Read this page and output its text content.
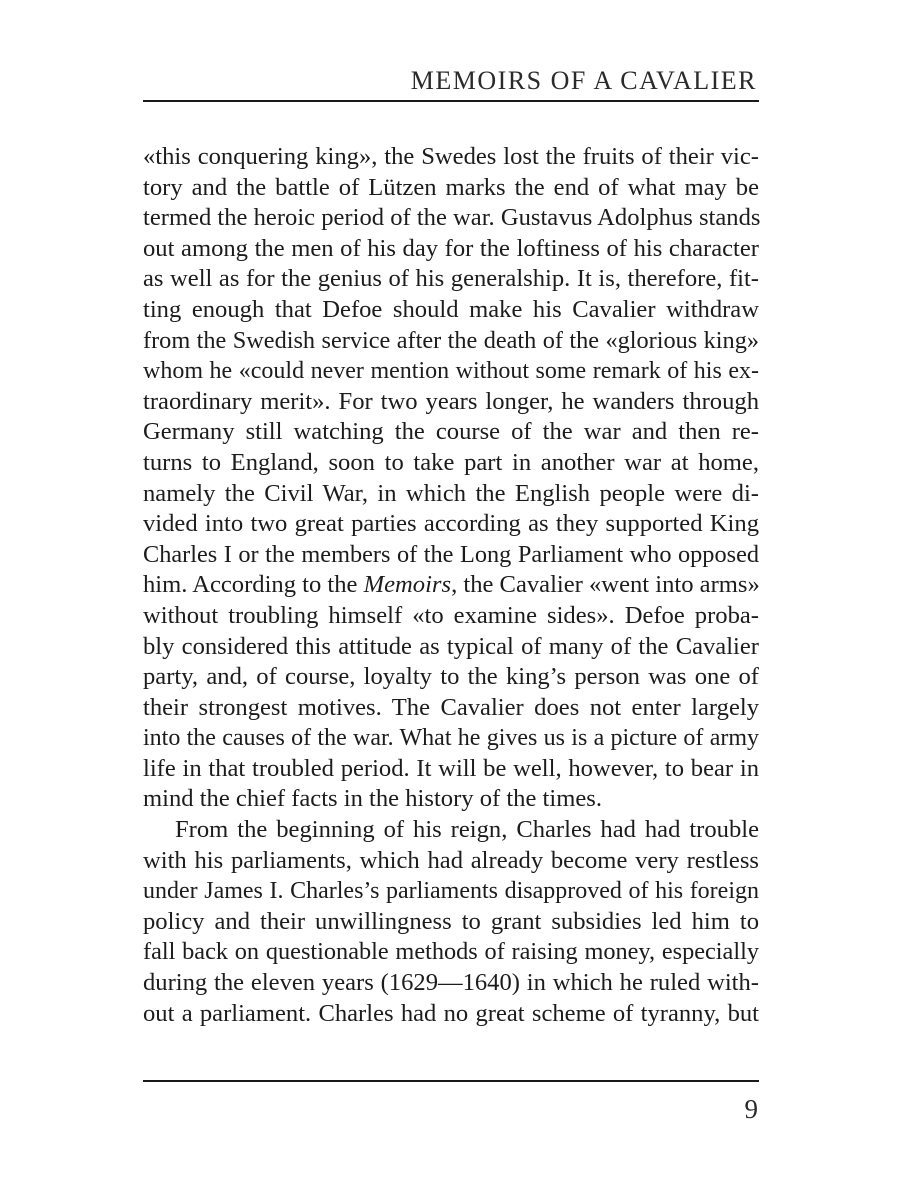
MEMOIRS OF A CAVALIER
«this conquering king», the Swedes lost the fruits of their vic-
tory and the battle of Lützen marks the end of what may be
termed the heroic period of the war. Gustavus Adolphus stands
out among the men of his day for the loftiness of his character
as well as for the genius of his generalship. It is, therefore, fit-
ting enough that Defoe should make his Cavalier withdraw
from the Swedish service after the death of the «glorious king»
whom he «could never mention without some remark of his ex-
traordinary merit». For two years longer, he wanders through
Germany still watching the course of the war and then re-
turns to England, soon to take part in another war at home,
namely the Civil War, in which the English people were di-
vided into two great parties according as they supported King
Charles I or the members of the Long Parliament who opposed
him. According to the Memoirs, the Cavalier «went into arms»
without troubling himself «to examine sides». Defoe proba-
bly considered this attitude as typical of many of the Cavalier
party, and, of course, loyalty to the king’s person was one of
their strongest motives. The Cavalier does not enter largely
into the causes of the war. What he gives us is a picture of army
life in that troubled period. It will be well, however, to bear in
mind the chief facts in the history of the times.
From the beginning of his reign, Charles had had trouble
with his parliaments, which had already become very restless
under James I. Charles’s parliaments disapproved of his foreign
policy and their unwillingness to grant subsidies led him to
fall back on questionable methods of raising money, especially
during the eleven years (1629—1640) in which he ruled with-
out a parliament. Charles had no great scheme of tyranny, but
9
